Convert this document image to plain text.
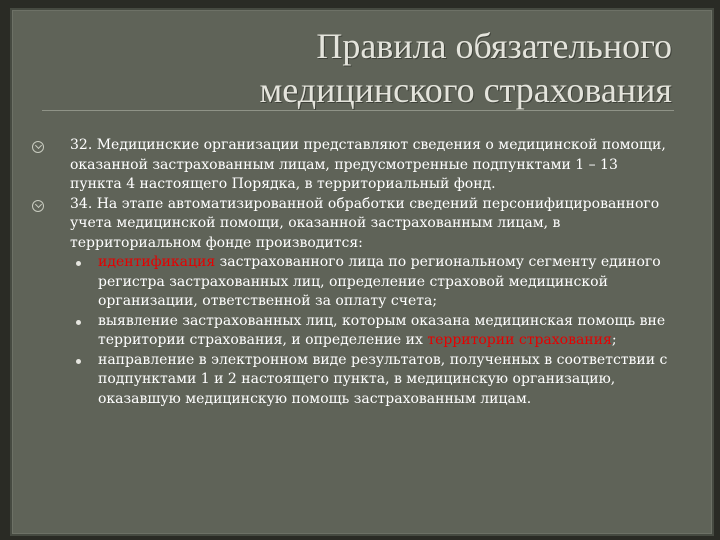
Правила обязательного
медицинского страхования
32. Медицинские организации представляют сведения о медицинской помощи, оказанной застрахованным лицам, предусмотренные подпунктами 1 – 13 пункта 4 настоящего Порядка, в территориальный фонд.
34. На этапе автоматизированной обработки сведений персонифицированного учета медицинской помощи, оказанной застрахованным лицам, в территориальном фонде производится:
идентификация застрахованного лица по региональному сегменту единого регистра застрахованных лиц, определение страховой медицинской организации, ответственной за оплату счета;
выявление застрахованных лиц, которым оказана медицинская помощь вне территории страхования, и определение их территории страхования;
направление в электронном виде результатов, полученных в соответствии с подпунктами 1 и 2 настоящего пункта, в медицинскую организацию, оказавшую медицинскую помощь застрахованным лицам.
